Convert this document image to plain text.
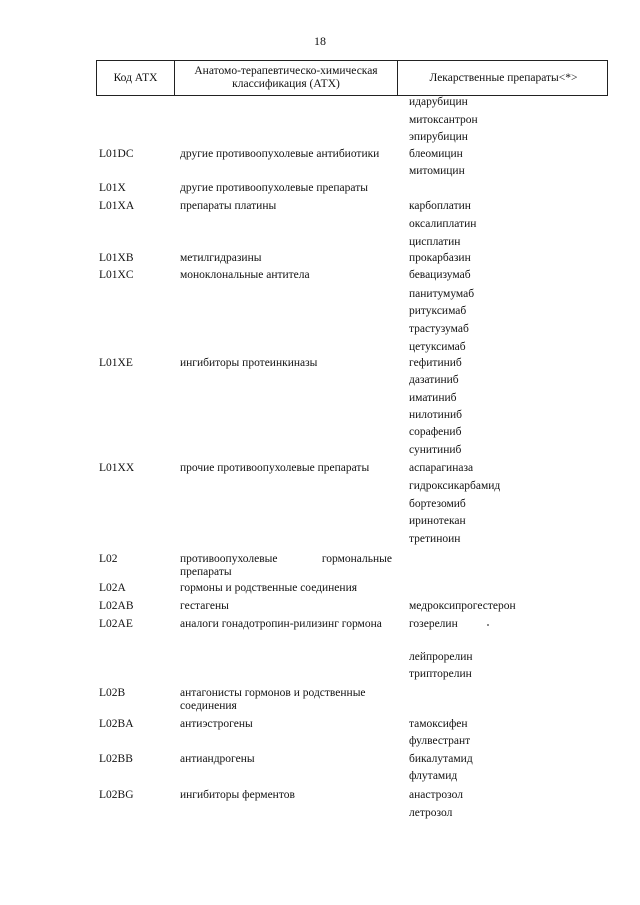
18
Код АТХ
Анатомо-терапевтическо-химическая классификация (АТХ)
Лекарственные препараты<*>
идарубицин
митоксантрон
эпирубицин
L01DC	другие противоопухолевые антибиотики	блеомицин
митомицин
L01X	другие противоопухолевые препараты
L01XA	препараты платины	карбоплатин
оксалиплатин
цисплатин
L01XB	метилгидразины	прокарбазин
L01XC	моноклональные антитела	бевацизумаб
панитумумаб
ритуксимаб
трастузумаб
цетуксимаб
L01XE	ингибиторы протеинкиназы	гефитиниб
дазатиниб
иматиниб
нилотиниб
сорафениб
сунитиниб
L01XX	прочие противоопухолевые препараты	аспарагиназа
гидроксикарбамид
бортезомиб
иринотекан
третиноин
L02	противоопухолевые гормональные препараты
L02A	гормоны и родственные соединения
L02AB	гестагены	медроксипрогестерон
L02AE	аналоги гонадотропин-рилизинг гормона	гозерелин
лейпрорелин
трипторелин
L02B	антагонисты гормонов и родственные соединения
L02BA	антиэстрогены	тамоксифен
фулвестрант
L02BB	антиандрогены	бикалутамид
флутамид
L02BG	ингибиторы ферментов	анастрозол
летрозол
